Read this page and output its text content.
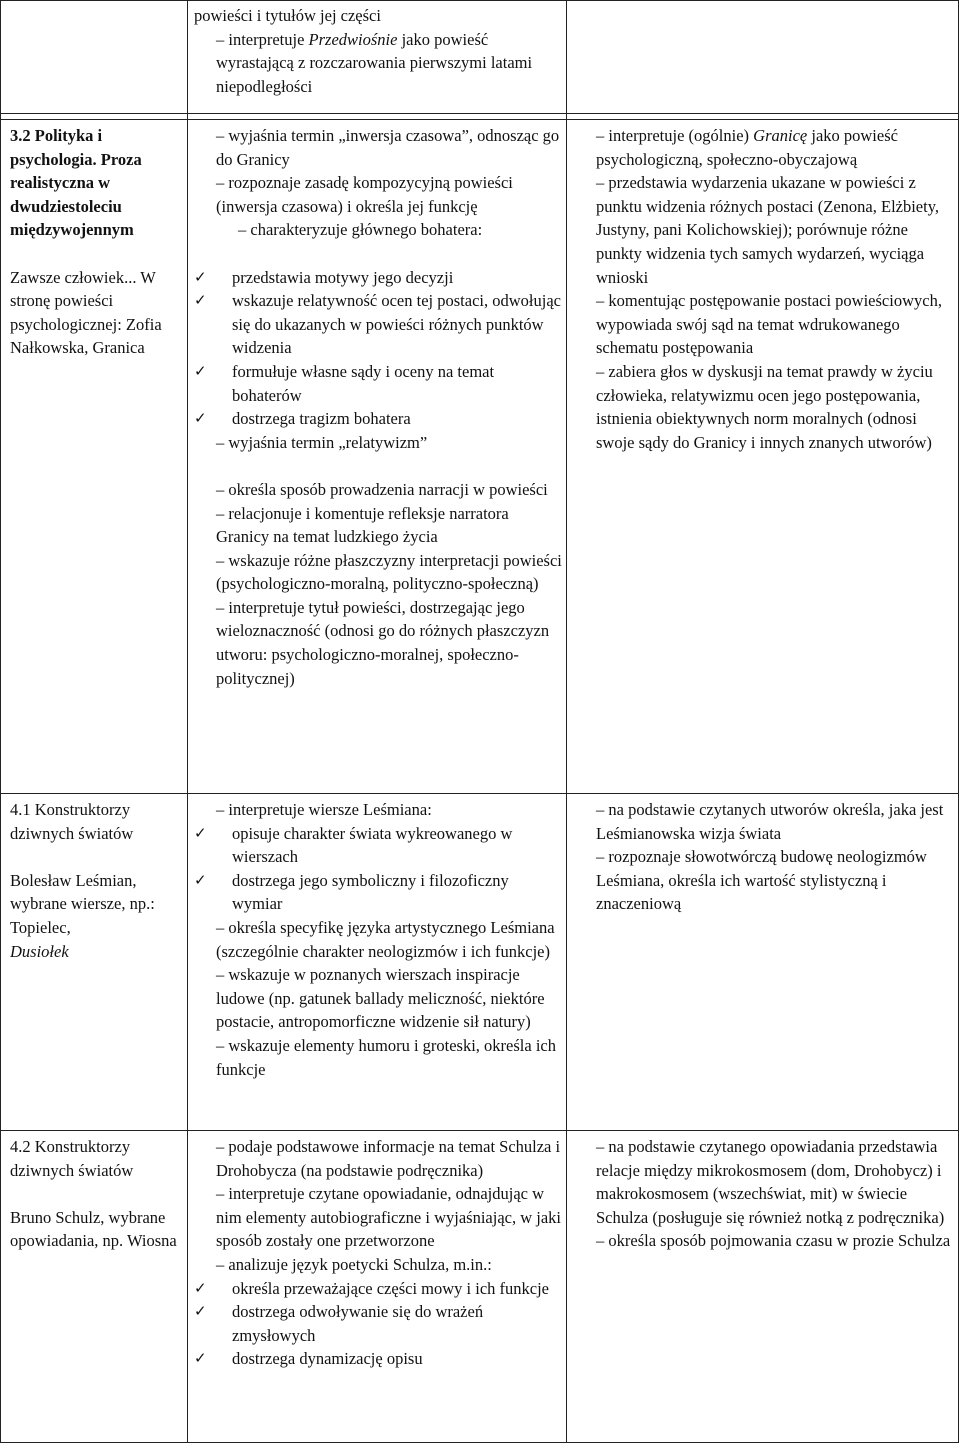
powieści i tytułów jej części

– interpretuje Przedwiośnie jako powieść wyrastającą z rozczarowania pierwszymi latami niepodległości

3.2 Polityka i psychologia. Proza realistyczna w dwudziestoleciu międzywojennym

Zawsze człowiek... W stronę powieści psychologicznej: Zofia Nałkowska, Granica

– wyjaśnia termin „inwersja czasowa”, odnosząc go do Granicy

– rozpoznaje zasadę kompozycyjną powieści (inwersja czasowa) i określa jej funkcję

– charakteryzuje głównego bohatera:

✓ przedstawia motywy jego decyzji

✓ wskazuje relatywność ocen tej postaci, odwołując się do ukazanych w powieści różnych punktów widzenia

✓ formułuje własne sądy i oceny na temat bohaterów

✓ dostrzega tragizm bohatera

– wyjaśnia termin „relatywizm”

– określa sposób prowadzenia narracji w powieści

– relacjonuje i komentuje refleksje narratora Granicy na temat ludzkiego życia

– wskazuje różne płaszczyzny interpretacji powieści (psychologiczno-moralną, polityczno-społeczną)

– interpretuje tytuł powieści, dostrzegając jego wieloznaczność (odnosi go do różnych płaszczyzn utworu: psychologiczno-moralnej, społeczno-politycznej)

– interpretuje (ogólnie) Granicę jako powieść psychologiczną, społeczno-obyczajową

– przedstawia wydarzenia ukazane w powieści z punktu widzenia różnych postaci (Zenona, Elżbiety, Justyny, pani Kolichowskiej); porównuje różne punkty widzenia tych samych wydarzeń, wyciąga wnioski

– komentując postępowanie postaci powieściowych, wypowiada swój sąd na temat wdrukowanego schematu postępowania

– zabiera głos w dyskusji na temat prawdy w życiu człowieka, relatywizmu ocen jego postępowania, istnienia obiektywnych norm moralnych (odnosi swoje sądy do Granicy i innych znanych utworów)

4.1 Konstruktorzy dziwnych światów

Bolesław Leśmian, wybrane wiersze, np.: Topielec,

Dusiołek

– interpretuje wiersze Leśmiana:

✓ opisuje charakter świata wykreowanego w wierszach

✓ dostrzega jego symboliczny i filozoficzny wymiar

– określa specyfikę języka artystycznego Leśmiana (szczególnie charakter neologizmów i ich funkcje)

– wskazuje w poznanych wierszach inspiracje ludowe (np. gatunek ballady meliczność, niektóre postacie, antropomorficzne widzenie sił natury)

– wskazuje elementy humoru i groteski, określa ich funkcje

– na podstawie czytanych utworów określa, jaka jest Leśmianowska wizja świata

– rozpoznaje słowotwórczą budowę neologizmów Leśmiana, określa ich wartość stylistyczną i znaczeniową

4.2 Konstruktorzy dziwnych światów

Bruno Schulz, wybrane opowiadania, np. Wiosna

– podaje podstawowe informacje na temat Schulza i Drohobycza (na podstawie podręcznika)

– interpretuje czytane opowiadanie, odnajdując w nim elementy autobiograficzne i wyjaśniając, w jaki sposób zostały one przetworzone

– analizuje język poetycki Schulza, m.in.:

✓ określa przeważające części mowy i ich funkcje

✓ dostrzega odwoływanie się do wrażeń zmysłowych

✓ dostrzega dynamizację opisu

– na podstawie czytanego opowiadania przedstawia relacje między mikrokosmosem (dom, Drohobycz) i makrokosmosem (wszechświat, mit) w świecie Schulza (posługuje się również notką z podręcznika)

– określa sposób pojmowania czasu w prozie Schulza
